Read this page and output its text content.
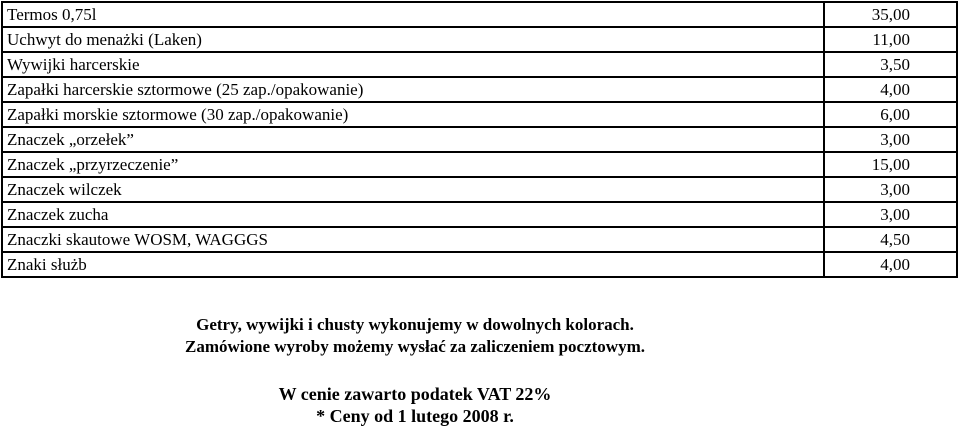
Termos 0,75l	35,00
Uchwyt do menażki (Laken)	11,00
Wywijki harcerskie	3,50
Zapałki harcerskie sztormowe (25 zap./opakowanie)	4,00
Zapałki morskie sztormowe (30 zap./opakowanie)	6,00
Znaczek „orzełek”	3,00
Znaczek „przyrzeczenie”	15,00
Znaczek wilczek	3,00
Znaczek zucha	3,00
Znaczki skautowe WOSM, WAGGGS	4,50
Znaki służb	4,00
Getry, wywijki i chusty wykonujemy w dowolnych kolorach.
Zamówione wyroby możemy wysłać za zaliczeniem pocztowym.
W cenie zawarto podatek VAT 22%
* Ceny od 1 lutego 2008 r.
